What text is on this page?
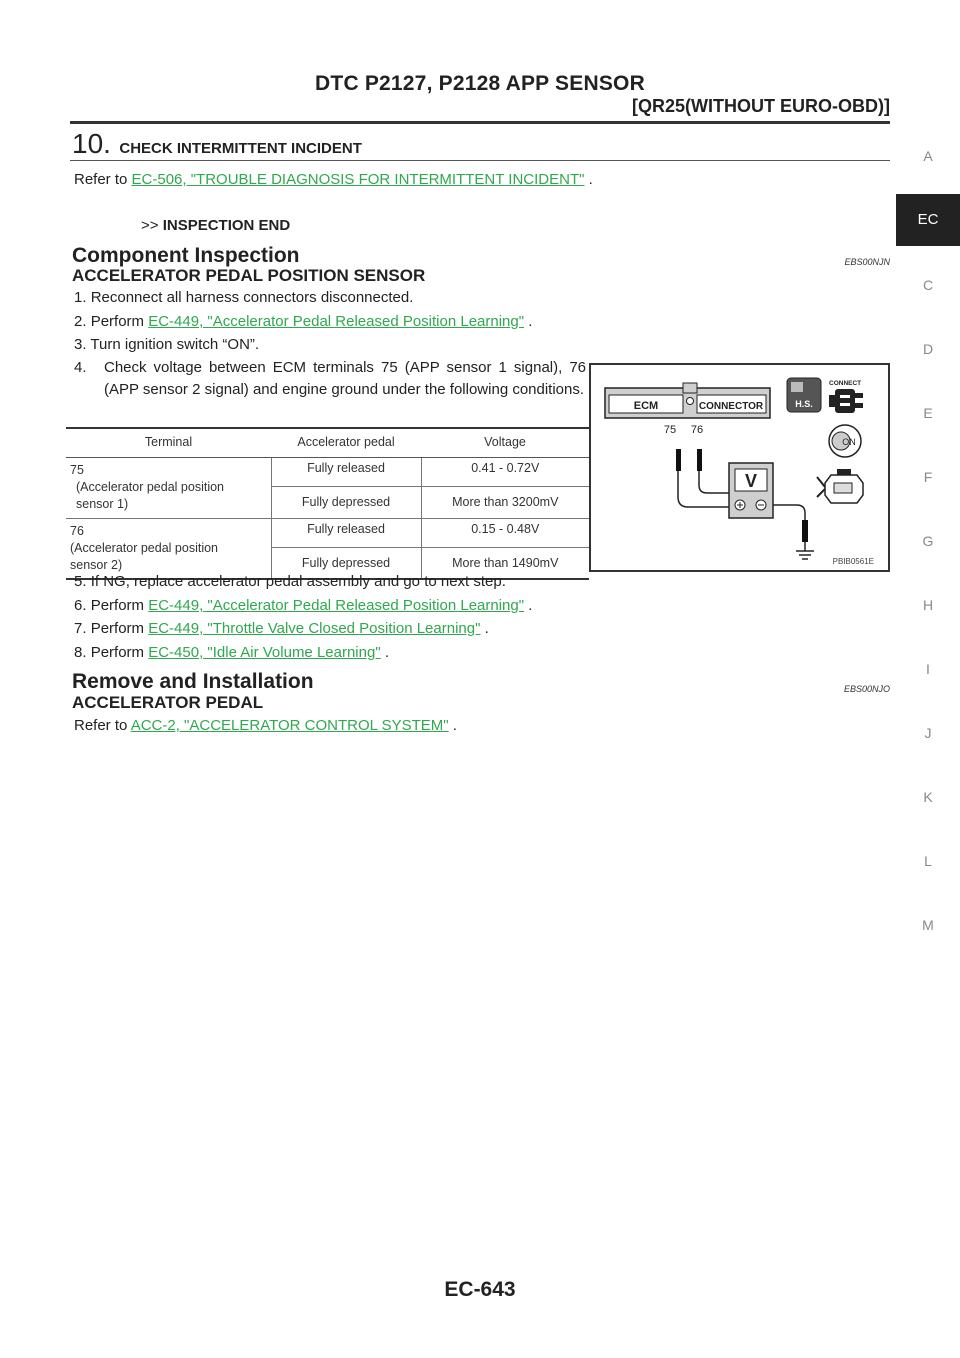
DTC P2127, P2128 APP SENSOR
[QR25(WITHOUT EURO-OBD)]
A
EC
C
D
E
F
G
H
I
J
K
L
M
10. CHECK INTERMITTENT INCIDENT
Refer to EC-506, "TROUBLE DIAGNOSIS FOR INTERMITTENT INCIDENT" .
>> INSPECTION END
Component Inspection	EBS00NJN
ACCELERATOR PEDAL POSITION SENSOR
1. Reconnect all harness connectors disconnected.
2. Perform EC-449, "Accelerator Pedal Released Position Learning" .
3. Turn ignition switch “ON”.
4. Check voltage between ECM terminals 75 (APP sensor 1 signal), 76 (APP sensor 2 signal) and engine ground under the following conditions.
Terminal	Accelerator pedal	Voltage

75
(Accelerator pedal position sensor 1)	Fully released	0.41 - 0.72V
	Fully depressed	More than 3200mV

76
(Accelerator pedal position sensor 2)	Fully released	0.15 - 0.48V
	Fully depressed	More than 1490mV
ECM	CONNECTOR
75 76
V
H.S.
CONNECT
ON
PBIB0561E
5. If NG, replace accelerator pedal assembly and go to next step.
6. Perform EC-449, "Accelerator Pedal Released Position Learning" .
7. Perform EC-449, "Throttle Valve Closed Position Learning" .
8. Perform EC-450, "Idle Air Volume Learning" .
Remove and Installation	EBS00NJO
ACCELERATOR PEDAL
Refer to ACC-2, "ACCELERATOR CONTROL SYSTEM" .
EC-643
